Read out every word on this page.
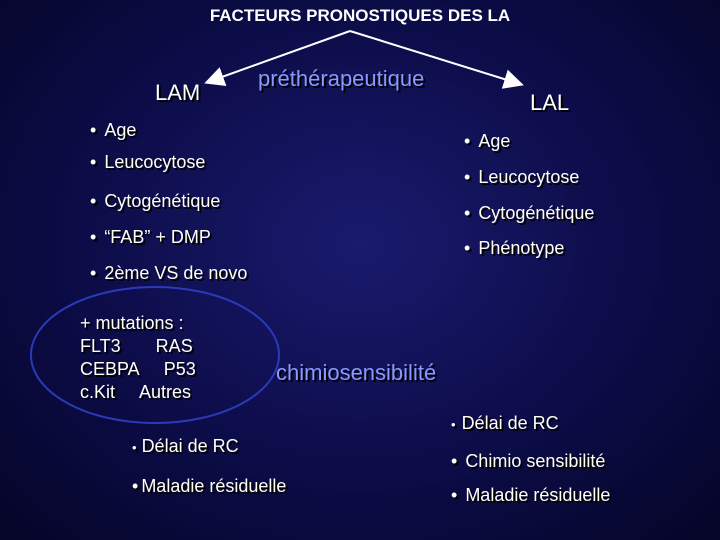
FACTEURS PRONOSTIQUES DES LA
LAM	LAL
préthérapeutique
• Age
• Leucocytose
• Cytogénétique
• “FAB” + DMP
• 2ème VS de novo
• Age
• Leucocytose
• Cytogénétique
• Phénotype
+ mutations :
FLT3       RAS
CEBPA     P53
c.Kit     Autres
chimiosensibilité
• Délai de RC
• Maladie résiduelle
• Délai de RC
• Chimio sensibilité
• Maladie résiduelle
